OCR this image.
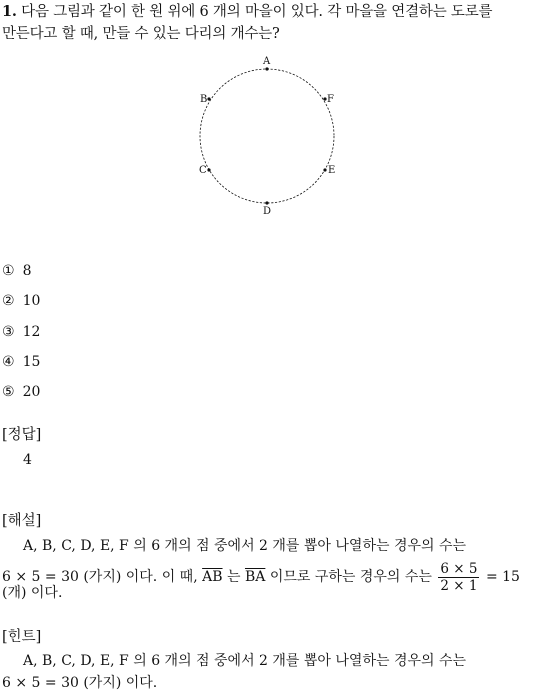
1. 다음 그림과 같이 한 원 위에 6 개의 마을이 있다. 각 마을을 연결하는 도로를
만든다고 할 때, 만들 수 있는 다리의 개수는?
A
B
C
D
E
F
① 8
② 10
③ 12
④ 15
⑤ 20
[정답]
4
[해설]
A, B, C, D, E, F 의 6 개의 점 중에서 2 개를 뽑아 나열하는 경우의 수는
6 × 5 = 30 (가지) 이다. 이 때, $\overline{AB}$ 는 $\overline{BA}$ 이므로 구하는 경우의 수는 $\frac{6 \times 5}{2 \times 1} = 15$
(개) 이다.
[힌트]
A, B, C, D, E, F 의 6 개의 점 중에서 2 개를 뽑아 나열하는 경우의 수는
6 × 5 = 30 (가지) 이다.
